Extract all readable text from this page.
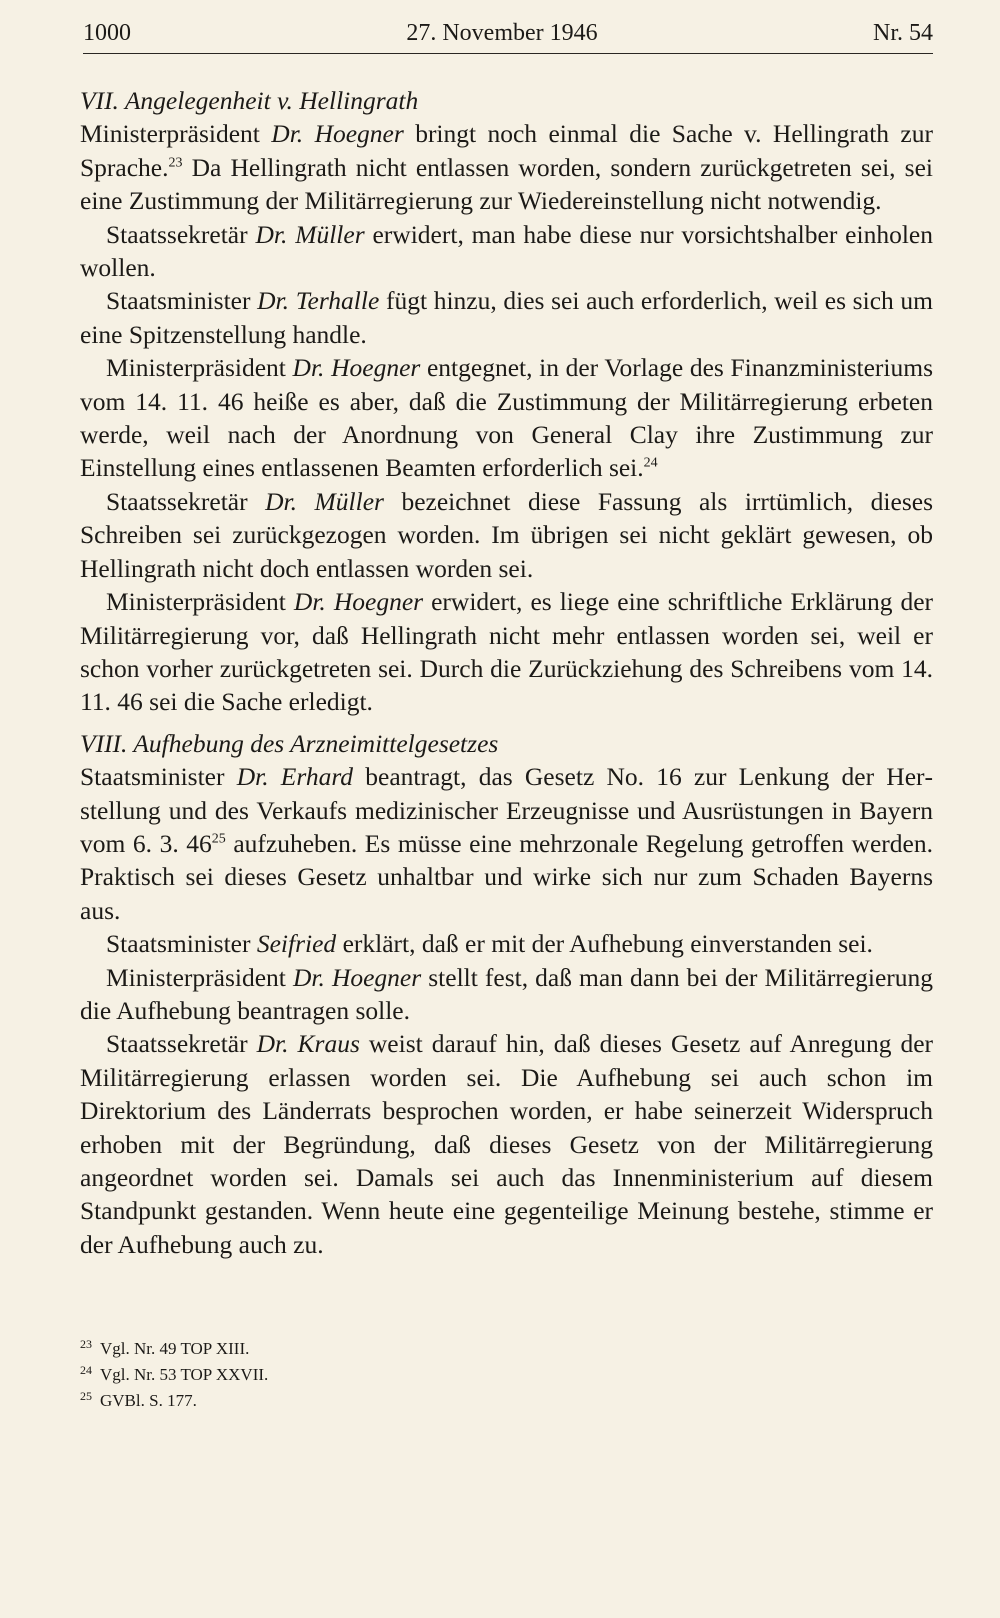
1000	27. November 1946	Nr. 54

VII. Angelegenheit v. Hellingrath

Ministerpräsident Dr. Hoegner bringt noch einmal die Sache v. Hellingrath zur Sprache.$^{23}$ Da Hellingrath nicht entlassen worden, sondern zurückgetreten sei, sei eine Zustimmung der Militärregierung zur Wiedereinstellung nicht notwendig.

Staatssekretär Dr. Müller erwidert, man habe diese nur vorsichtshalber einholen wollen.

Staatsminister Dr. Terhalle fügt hinzu, dies sei auch erforderlich, weil es sich um eine Spitzenstellung handle.

Ministerpräsident Dr. Hoegner entgegnet, in der Vorlage des Finanzministeriums vom 14. 11. 46 heiße es aber, daß die Zustimmung der Militärregierung erbeten werde, weil nach der Anordnung von General Clay ihre Zustimmung zur Einstellung eines entlassenen Beamten erforderlich sei.$^{24}$

Staatssekretär Dr. Müller bezeichnet diese Fassung als irrtümlich, dieses Schreiben sei zurückgezogen worden. Im übrigen sei nicht geklärt gewesen, ob Hellingrath nicht doch entlassen worden sei.

Ministerpräsident Dr. Hoegner erwidert, es liege eine schriftliche Erklärung der Militärregierung vor, daß Hellingrath nicht mehr entlassen worden sei, weil er schon vorher zurückgetreten sei. Durch die Zurückziehung des Schreibens vom 14. 11. 46 sei die Sache erledigt.

VIII. Aufhebung des Arzneimittelgesetzes

Staatsminister Dr. Erhard beantragt, das Gesetz No. 16 zur Lenkung der Herstellung und des Verkaufs medizinischer Erzeugnisse und Ausrüstungen in Bayern vom 6. 3. 46$^{25}$ aufzuheben. Es müsse eine mehrzonale Regelung getroffen werden. Praktisch sei dieses Gesetz unhaltbar und wirke sich nur zum Schaden Bayerns aus.

Staatsminister Seifried erklärt, daß er mit der Aufhebung einverstanden sei.

Ministerpräsident Dr. Hoegner stellt fest, daß man dann bei der Militärregierung die Aufhebung beantragen solle.

Staatssekretär Dr. Kraus weist darauf hin, daß dieses Gesetz auf Anregung der Militärregierung erlassen worden sei. Die Aufhebung sei auch schon im Direktorium des Länderrats besprochen worden, er habe seinerzeit Widerspruch erhoben mit der Begründung, daß dieses Gesetz von der Militärregierung angeordnet worden sei. Damals sei auch das Innenministerium auf diesem Standpunkt gestanden. Wenn heute eine gegenteilige Meinung bestehe, stimme er der Aufhebung auch zu.

23 Vgl. Nr. 49 TOP XIII.
24 Vgl. Nr. 53 TOP XXVII.
25 GVBl. S. 177.
